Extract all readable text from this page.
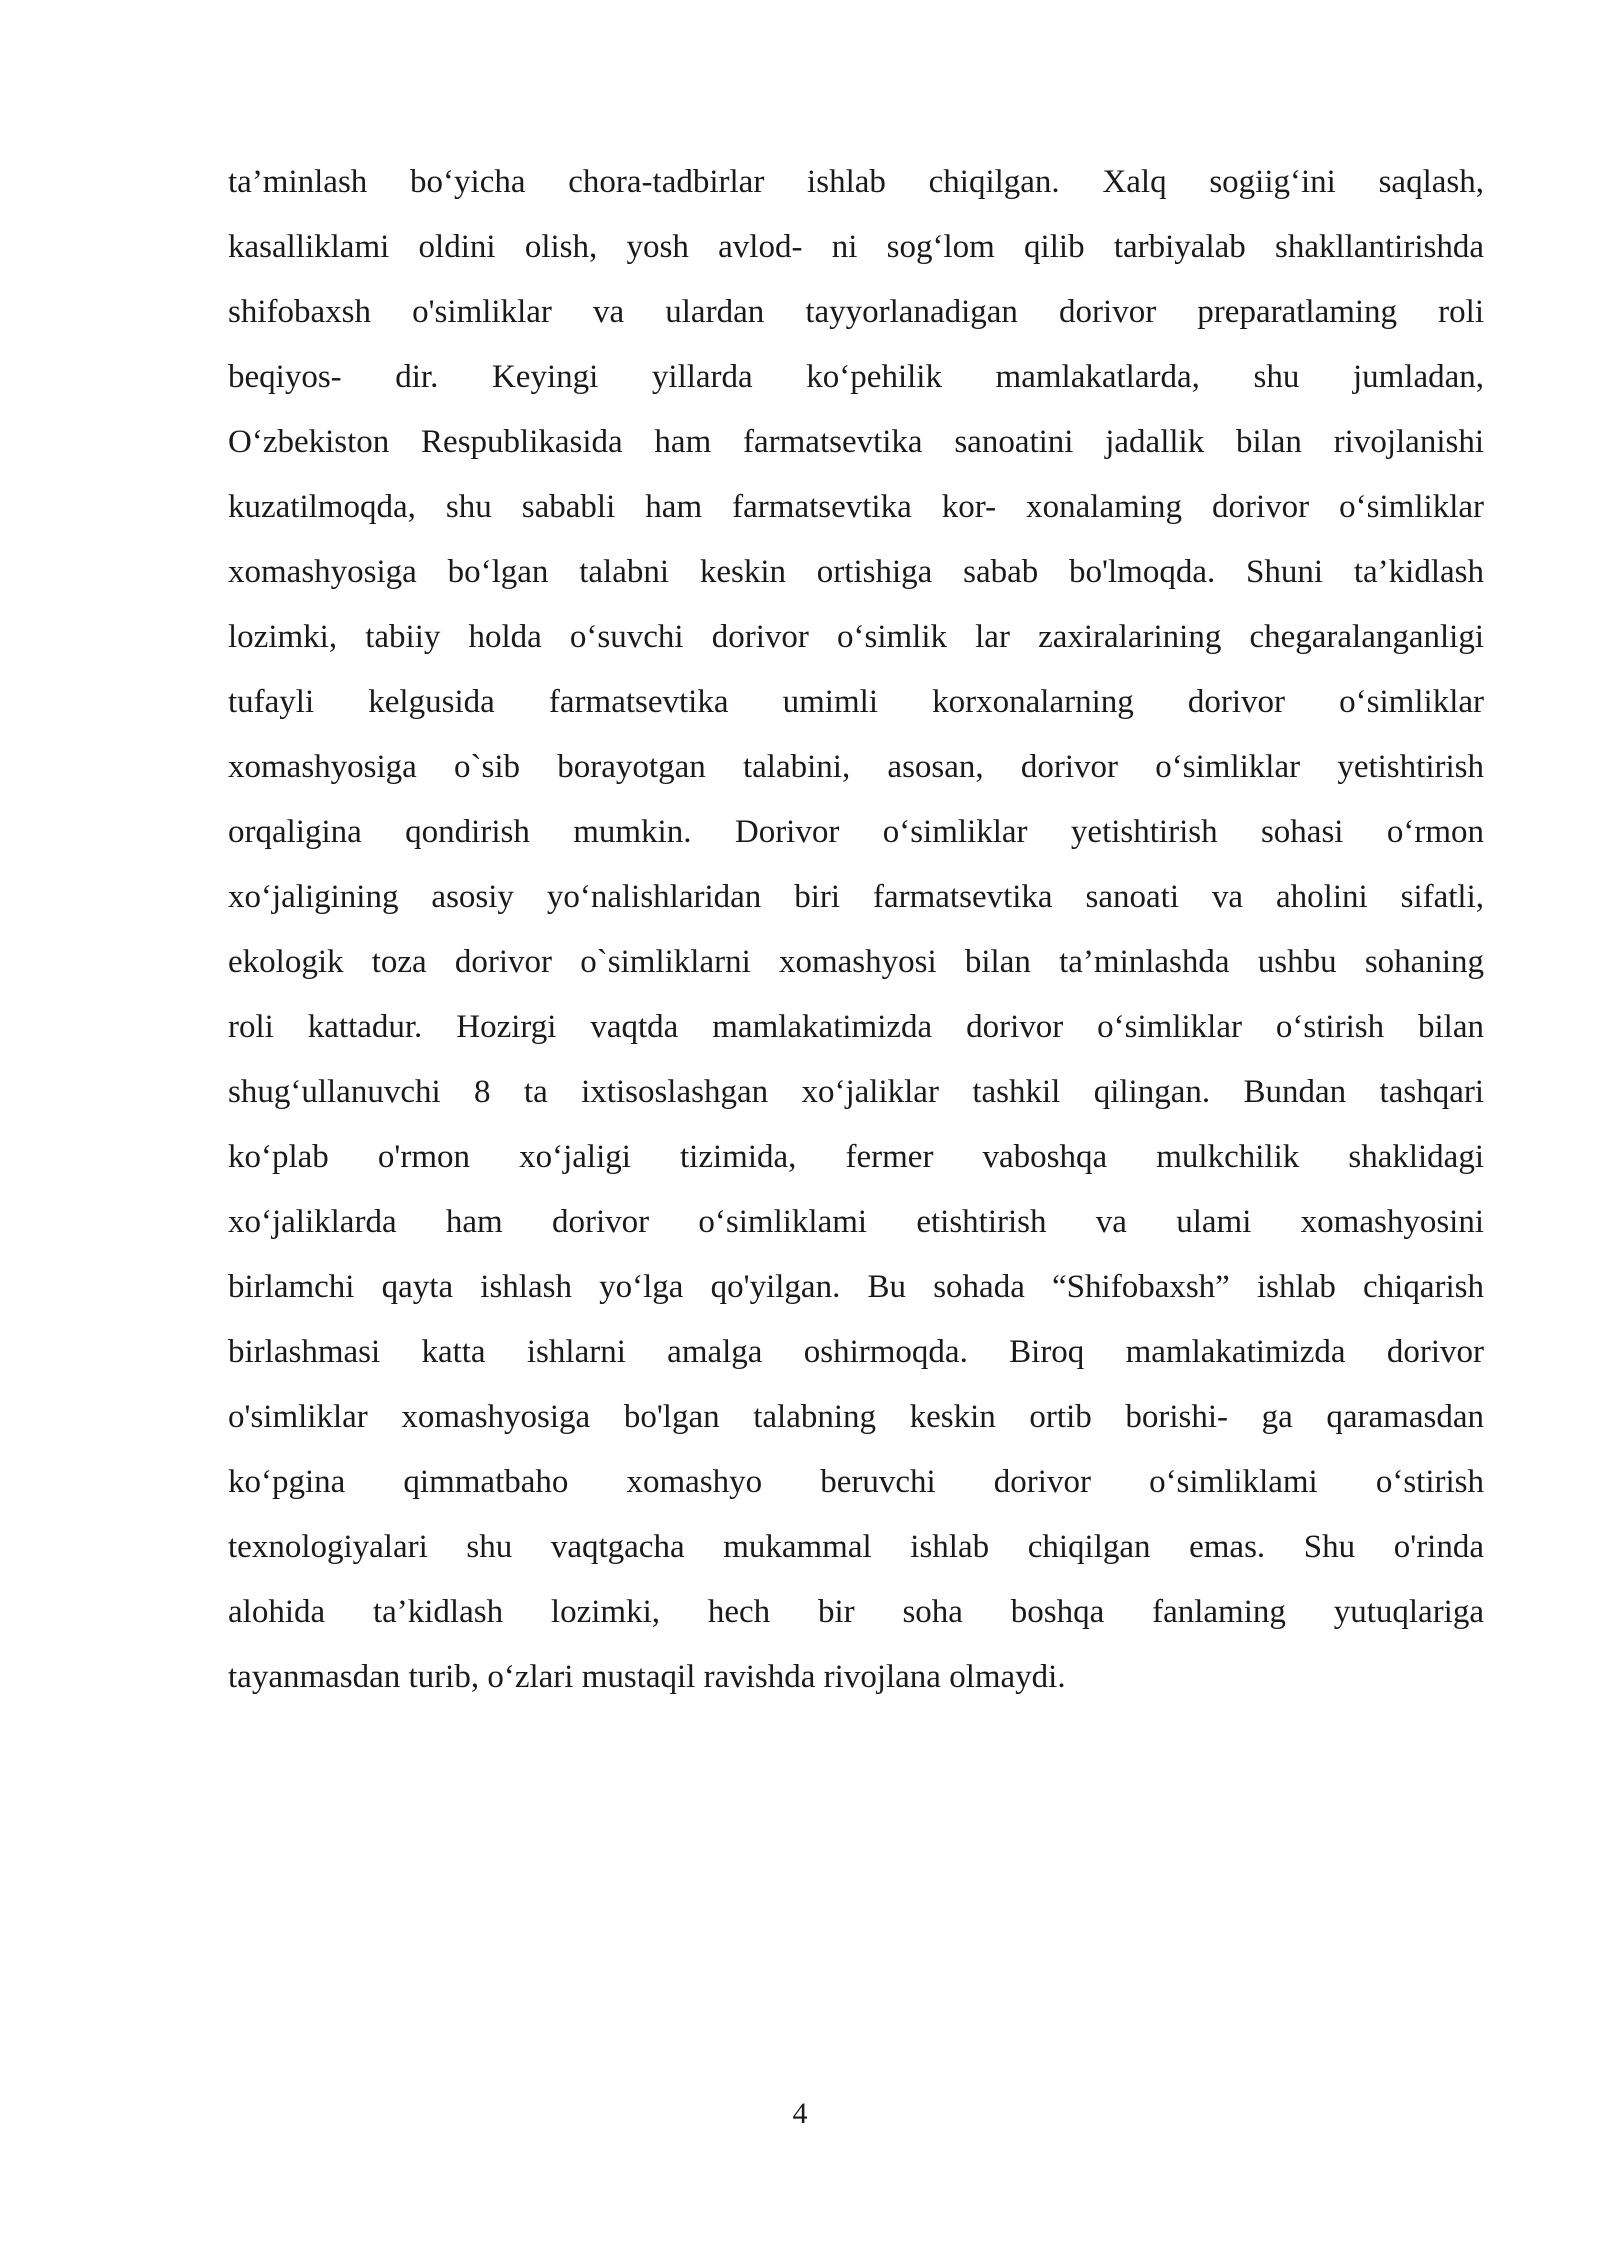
ta’minlash bo‘yicha chora-tadbirlar ishlab chiqilgan. Xalq sogiig‘ini saqlash,
kasalliklami oldini olish, yosh avlod- ni sog‘lom qilib tarbiyalab shakllantirishda
shifobaxsh o'simliklar va ulardan tayyorlanadigan dorivor preparatlaming roli
beqiyos- dir. Keyingi yillarda ko‘pehilik mamlakatlarda, shu jumladan,
O‘zbekiston Respublikasida ham farmatsevtika sanoatini jadallik bilan rivojlanishi
kuzatilmoqda, shu sababli ham farmatsevtika kor- xonalaming dorivor o‘simliklar
xomashyosiga bo‘lgan talabni keskin ortishiga sabab bo'lmoqda. Shuni ta’kidlash
lozimki, tabiiy holda o‘suvchi dorivor o‘simlik lar zaxiralarining chegaralanganligi
tufayli kelgusida farmatsevtika umimli korxonalarning dorivor o‘simliklar
xomashyosiga o`sib borayotgan talabini, asosan, dorivor o‘simliklar yetishtirish
orqaligina qondirish mumkin. Dorivor o‘simliklar yetishtirish sohasi o‘rmon
xo‘jaligining asosiy yo‘nalishlaridan biri farmatsevtika sanoati va aholini sifatli,
ekologik toza dorivor o`simliklarni xomashyosi bilan ta’minlashda ushbu sohaning
roli kattadur. Hozirgi vaqtda mamlakatimizda dorivor o‘simliklar o‘stirish bilan
shug‘ullanuvchi 8 ta ixtisoslashgan xo‘jaliklar tashkil qilingan. Bundan tashqari
ko‘plab o'rmon xo‘jaligi tizimida, fermer vaboshqa mulkchilik shaklidagi
xo‘jaliklarda ham dorivor o‘simliklami etishtirish va ulami xomashyosini
birlamchi qayta ishlash yo‘lga qo'yilgan. Bu sohada “Shifobaxsh” ishlab chiqarish
birlashmasi katta ishlarni amalga oshirmoqda. Biroq mamlakatimizda dorivor
o'simliklar xomashyosiga bo'lgan talabning keskin ortib borishi- ga qaramasdan
ko‘pgina qimmatbaho xomashyo beruvchi dorivor o‘simliklami o‘stirish
texnologiyalari shu vaqtgacha mukammal ishlab chiqilgan emas. Shu o'rinda
alohida ta’kidlash lozimki, hech bir soha boshqa fanlaming yutuqlariga
tayanmasdan turib, o‘zlari mustaqil ravishda rivojlana olmaydi.
4
